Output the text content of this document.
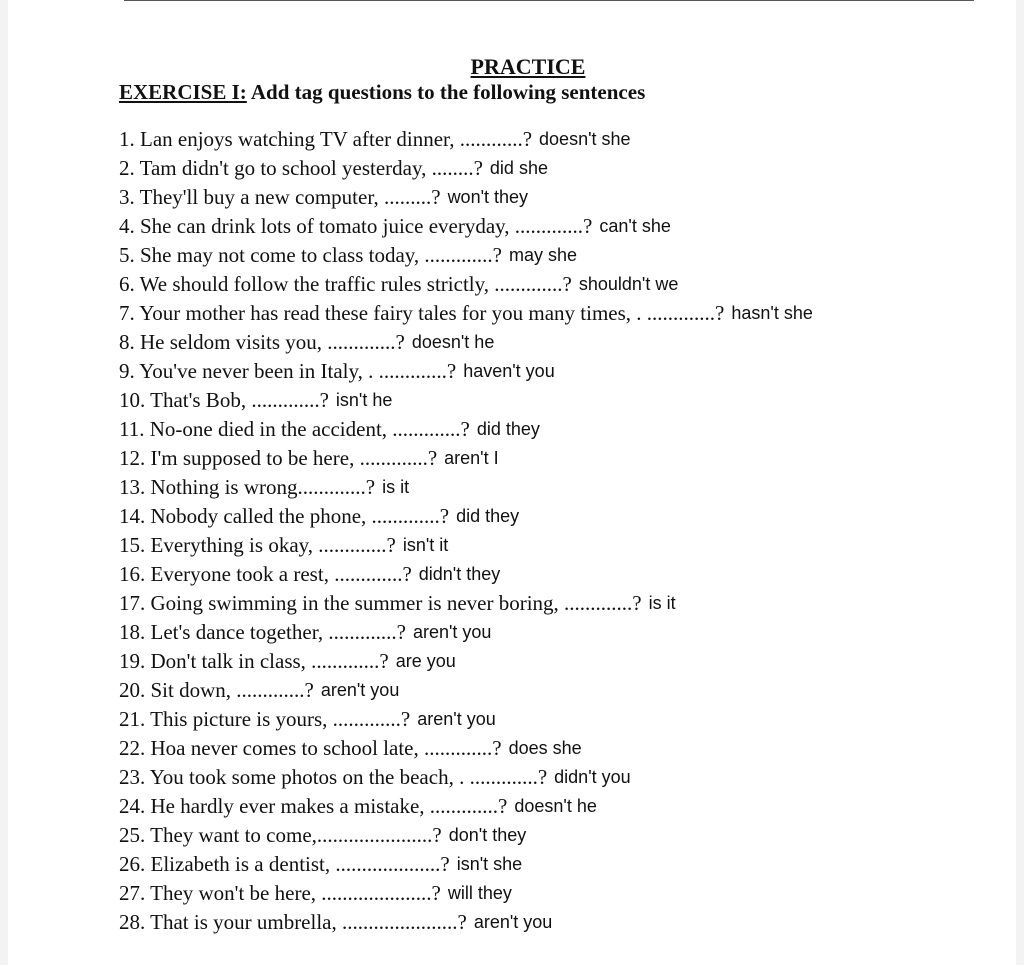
PRACTICE
EXERCISE I: Add tag questions to the following sentences
1. Lan enjoys watching TV after dinner, ............? doesn't she
2. Tam didn't go to school yesterday, ........? did she
3. They'll buy a new computer, .........? won't they
4. She can drink lots of tomato juice everyday, .............? can't she
5. She may not come to class today, .............? may she
6. We should follow the traffic rules strictly, .............? shouldn't we
7. Your mother has read these fairy tales for you many times, . .............? hasn't she
8. He seldom visits you, .............? doesn't he
9. You've never been in Italy, . .............? haven't you
10. That's Bob, .............? isn't he
11. No-one died in the accident, .............? did they
12. I'm supposed to be here, .............? aren't I
13. Nothing is wrong.............? is it
14. Nobody called the phone, .............? did they
15. Everything is okay, .............? isn't it
16. Everyone took a rest, .............? didn't they
17. Going swimming in the summer is never boring, .............? is it
18. Let's dance together, .............? aren't you
19. Don't talk in class, .............? are you
20. Sit down, .............? aren't you
21. This picture is yours, .............? aren't you
22. Hoa never comes to school late, .............? does she
23. You took some photos on the beach, . .............? didn't you
24. He hardly ever makes a mistake, .............? doesn't he
25. They want to come,......................? don't they
26. Elizabeth is a dentist, ....................? isn't she
27. They won't be here, .....................? will they
28. That is your umbrella, ......................? aren't you
